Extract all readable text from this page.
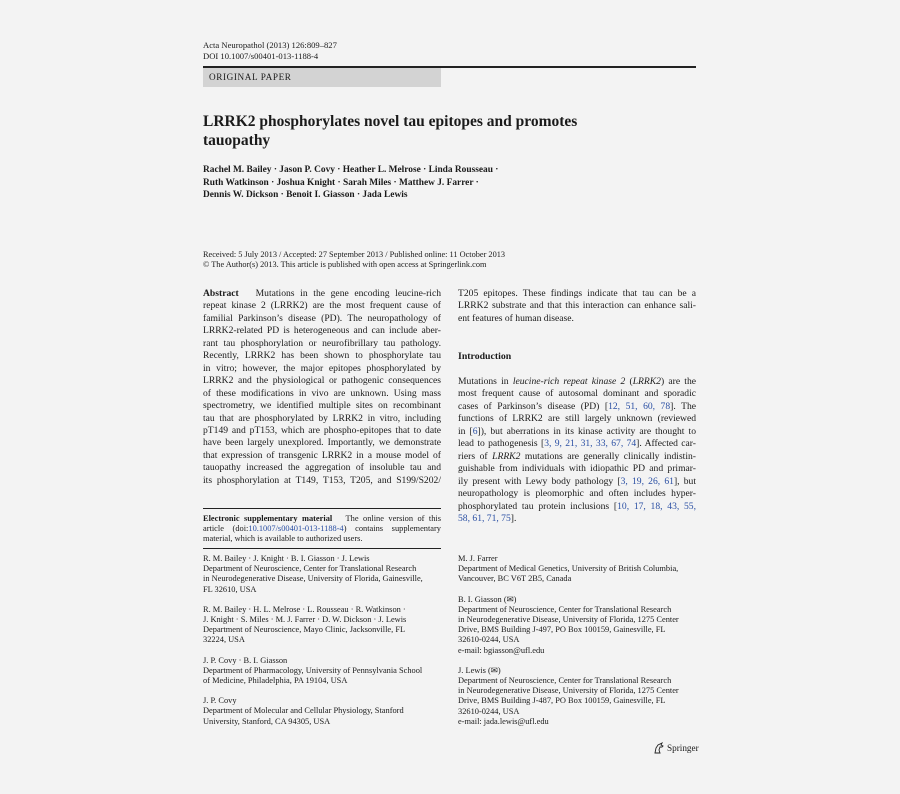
Acta Neuropathol (2013) 126:809–827
DOI 10.1007/s00401-013-1188-4
ORIGINAL PAPER
LRRK2 phosphorylates novel tau epitopes and promotes
tauopathy
Rachel M. Bailey · Jason P. Covy · Heather L. Melrose · Linda Rousseau ·
Ruth Watkinson · Joshua Knight · Sarah Miles · Matthew J. Farrer ·
Dennis W. Dickson · Benoit I. Giasson · Jada Lewis
Received: 5 July 2013 / Accepted: 27 September 2013 / Published online: 11 October 2013
© The Author(s) 2013. This article is published with open access at Springerlink.com
Abstract Mutations in the gene encoding leucine-rich
repeat kinase 2 (LRRK2) are the most frequent cause of
familial Parkinson’s disease (PD). The neuropathology of
LRRK2-related PD is heterogeneous and can include aber-
rant tau phosphorylation or neurofibrillary tau pathology.
Recently, LRRK2 has been shown to phosphorylate tau
in vitro; however, the major epitopes phosphorylated by
LRRK2 and the physiological or pathogenic consequences
of these modifications in vivo are unknown. Using mass
spectrometry, we identified multiple sites on recombinant
tau that are phosphorylated by LRRK2 in vitro, including
pT149 and pT153, which are phospho-epitopes that to date
have been largely unexplored. Importantly, we demonstrate
that expression of transgenic LRRK2 in a mouse model of
tauopathy increased the aggregation of insoluble tau and
its phosphorylation at T149, T153, T205, and S199/S202/
T205 epitopes. These findings indicate that tau can be a
LRRK2 substrate and that this interaction can enhance sali-
ent features of human disease.
Introduction
Mutations in leucine-rich repeat kinase 2 (LRRK2) are the
most frequent cause of autosomal dominant and sporadic
cases of Parkinson’s disease (PD) [12, 51, 60, 78]. The
functions of LRRK2 are still largely unknown (reviewed
in [6]), but aberrations in its kinase activity are thought to
lead to pathogenesis [3, 9, 21, 31, 33, 67, 74]. Affected car-
riers of LRRK2 mutations are generally clinically indistin-
guishable from individuals with idiopathic PD and primar-
ily present with Lewy body pathology [3, 19, 26, 61], but
neuropathology is pleomorphic and often includes hyper-
phosphorylated tau protein inclusions [10, 17, 18, 43, 55,
58, 61, 71, 75].
Electronic supplementary material The online version of this article (doi:10.1007/s00401-013-1188-4) contains supplementary material, which is available to authorized users.

R. M. Bailey · J. Knight · B. I. Giasson · J. Lewis

Department of Neuroscience, Center for Translational Research

in Neurodegenerative Disease, University of Florida, Gainesville,

FL 32610, USA

R. M. Bailey · H. L. Melrose · L. Rousseau · R. Watkinson ·

J. Knight · S. Miles · M. J. Farrer · D. W. Dickson · J. Lewis

Department of Neuroscience, Mayo Clinic, Jacksonville, FL

32224, USA

J. P. Covy · B. I. Giasson

Department of Pharmacology, University of Pennsylvania School

of Medicine, Philadelphia, PA 19104, USA

J. P. Covy

Department of Molecular and Cellular Physiology, Stanford

University, Stanford, CA 94305, USA

M. J. Farrer

Department of Medical Genetics, University of British Columbia,

Vancouver, BC V6T 2B5, Canada

B. I. Giasson (✉)

Department of Neuroscience, Center for Translational Research

in Neurodegenerative Disease, University of Florida, 1275 Center

Drive, BMS Building J-497, PO Box 100159, Gainesville, FL

32610-0244, USA

e-mail: bgiasson@ufl.edu

J. Lewis (✉)

Department of Neuroscience, Center for Translational Research

in Neurodegenerative Disease, University of Florida, 1275 Center

Drive, BMS Building J-487, PO Box 100159, Gainesville, FL

32610-0244, USA

e-mail: jada.lewis@ufl.edu

Springer
